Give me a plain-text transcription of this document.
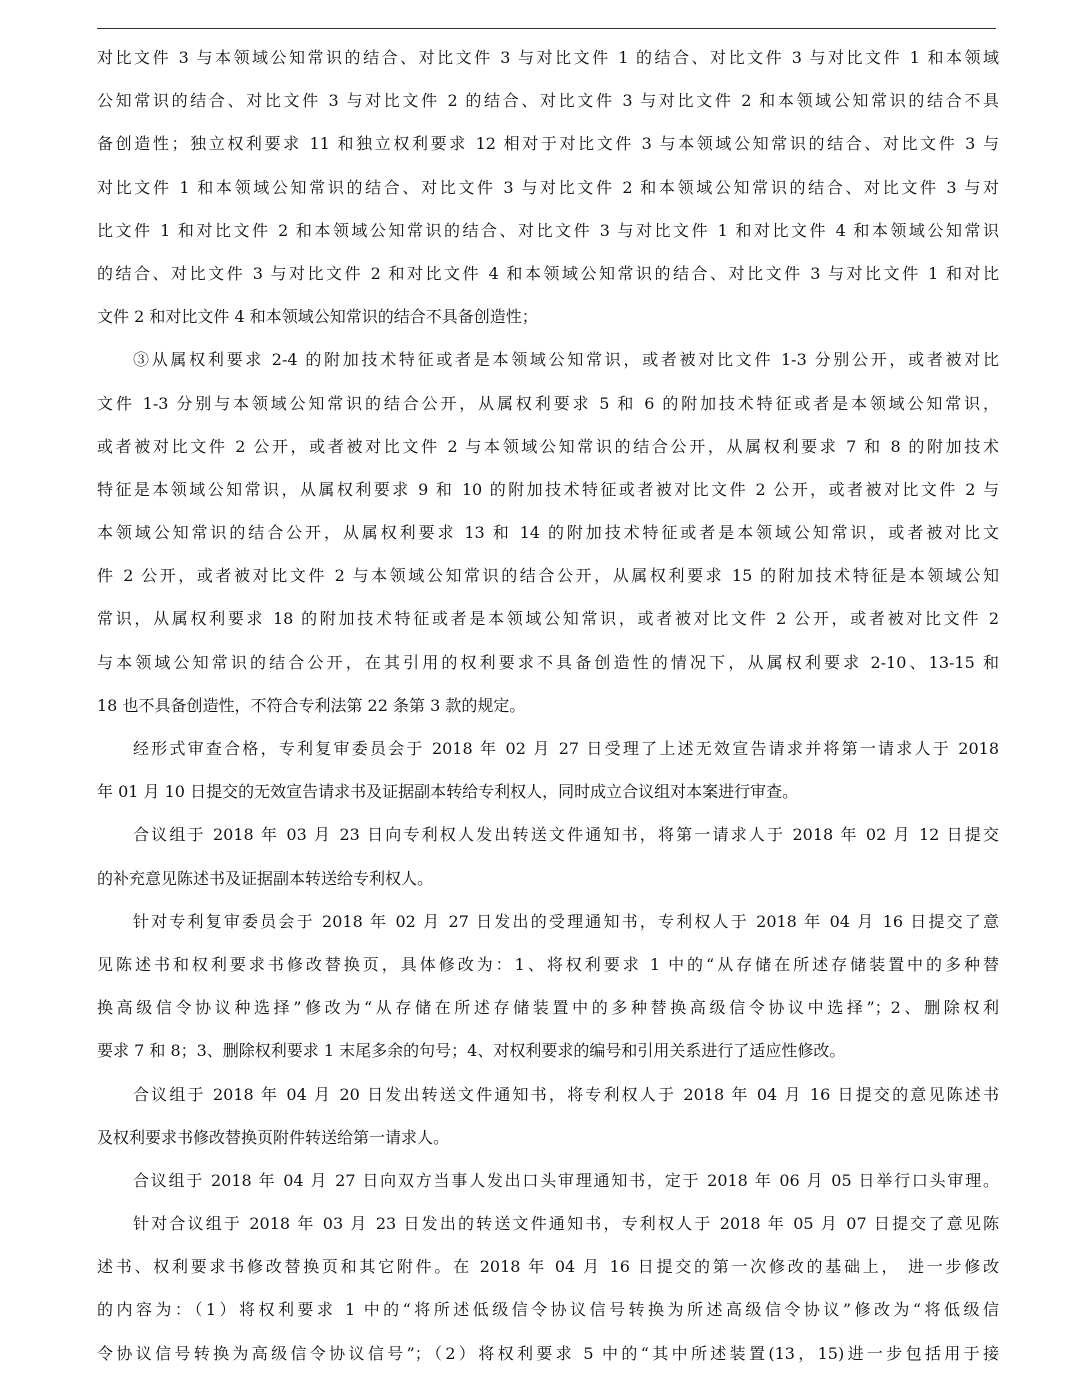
对比文件 3 与本领域公知常识的结合、对比文件 3 与对比文件 1 的结合、对比文件 3 与对比文件 1 和本领域
公知常识的结合、对比文件 3 与对比文件 2 的结合、对比文件 3 与对比文件 2 和本领域公知常识的结合不具
备创造性；独立权利要求 11 和独立权利要求 12 相对于对比文件 3 与本领域公知常识的结合、对比文件 3 与
对比文件 1 和本领域公知常识的结合、对比文件 3 与对比文件 2 和本领域公知常识的结合、对比文件 3 与对
比文件 1 和对比文件 2 和本领域公知常识的结合、对比文件 3 与对比文件 1 和对比文件 4 和本领域公知常识
的结合、对比文件 3 与对比文件 2 和对比文件 4 和本领域公知常识的结合、对比文件 3 与对比文件 1 和对比
文件 2 和对比文件 4 和本领域公知常识的结合不具备创造性；
③从属权利要求 2-4 的附加技术特征或者是本领域公知常识，或者被对比文件 1-3 分别公开，或者被对比
文件 1-3 分别与本领域公知常识的结合公开，从属权利要求 5 和 6 的附加技术特征或者是本领域公知常识，
或者被对比文件 2 公开，或者被对比文件 2 与本领域公知常识的结合公开，从属权利要求 7 和 8 的附加技术
特征是本领域公知常识，从属权利要求 9 和 10 的附加技术特征或者被对比文件 2 公开，或者被对比文件 2 与
本领域公知常识的结合公开，从属权利要求 13 和 14 的附加技术特征或者是本领域公知常识，或者被对比文
件 2 公开，或者被对比文件 2 与本领域公知常识的结合公开，从属权利要求 15 的附加技术特征是本领域公知
常识，从属权利要求 18 的附加技术特征或者是本领域公知常识，或者被对比文件 2 公开，或者被对比文件 2
与本领域公知常识的结合公开，在其引用的权利要求不具备创造性的情况下，从属权利要求 2-10、13-15 和
18 也不具备创造性，不符合专利法第 22 条第 3 款的规定。
经形式审查合格，专利复审委员会于 2018 年 02 月 27 日受理了上述无效宣告请求并将第一请求人于 2018
年 01 月 10 日提交的无效宣告请求书及证据副本转给专利权人，同时成立合议组对本案进行审查。
合议组于 2018 年 03 月 23 日向专利权人发出转送文件通知书，将第一请求人于 2018 年 02 月 12 日提交
的补充意见陈述书及证据副本转送给专利权人。
针对专利复审委员会于 2018 年 02 月 27 日发出的受理通知书，专利权人于 2018 年 04 月 16 日提交了意
见陈述书和权利要求书修改替换页，具体修改为：1、将权利要求 1 中的“从存储在所述存储装置中的多种替
换高级信令协议种选择”修改为“从存储在所述存储装置中的多种替换高级信令协议中选择”；2、删除权利
要求 7 和 8；3、删除权利要求 1 末尾多余的句号；4、对权利要求的编号和引用关系进行了适应性修改。
合议组于 2018 年 04 月 20 日发出转送文件通知书，将专利权人于 2018 年 04 月 16 日提交的意见陈述书
及权利要求书修改替换页附件转送给第一请求人。
合议组于 2018 年 04 月 27 日向双方当事人发出口头审理通知书，定于 2018 年 06 月 05 日举行口头审理。
针对合议组于 2018 年 03 月 23 日发出的转送文件通知书，专利权人于 2018 年 05 月 07 日提交了意见陈
述书、权利要求书修改替换页和其它附件。在 2018 年 04 月 16 日提交的第一次修改的基础上， 进一步修改
的内容为：（1）将权利要求 1 中的“将所述低级信令协议信号转换为所述高级信令协议”修改为“将低级信
令协议信号转换为高级信令协议信号”；（2）将权利要求 5 中的“其中所述装置(13，15)进一步包括用于接
